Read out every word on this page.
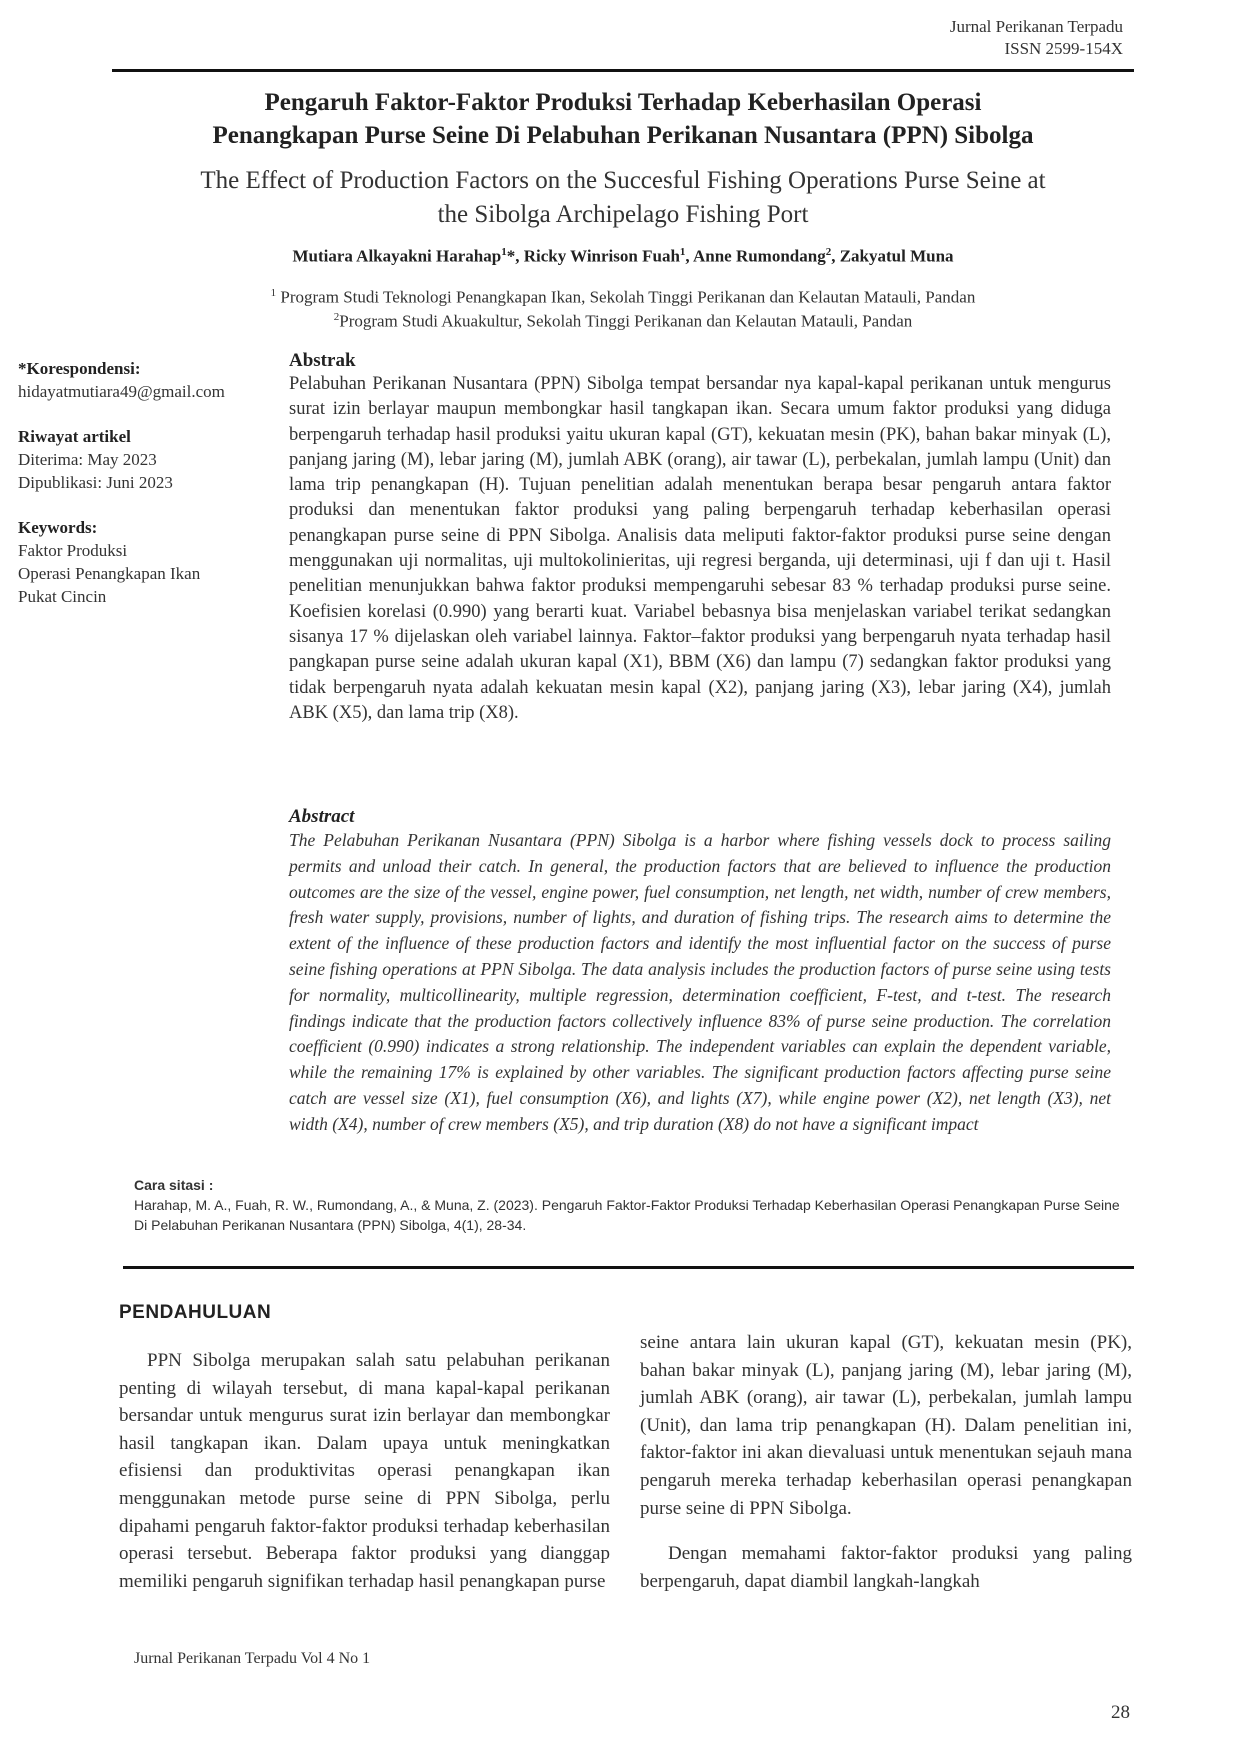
Jurnal Perikanan Terpadu
ISSN 2599-154X
Pengaruh Faktor-Faktor Produksi Terhadap Keberhasilan Operasi
Penangkapan Purse Seine Di Pelabuhan Perikanan Nusantara (PPN) Sibolga
The Effect of Production Factors on the Succesful Fishing Operations Purse Seine at
the Sibolga Archipelago Fishing Port
Mutiara Alkayakni Harahap$^1$*, Ricky Winrison Fuah$^1$, Anne Rumondang$^2$, Zakyatul Muna
$^1$ Program Studi Teknologi Penangkapan Ikan, Sekolah Tinggi Perikanan dan Kelautan Matauli, Pandan
$^2$Program Studi Akuakultur, Sekolah Tinggi Perikanan dan Kelautan Matauli, Pandan
*Korespondensi:
hidayatmutiara49@gmail.com
Riwayat artikel
Diterima: May 2023
Dipublikasi: Juni 2023
Keywords:
Faktor Produksi
Operasi Penangkapan Ikan
Pukat Cincin
Abstrak
Pelabuhan Perikanan Nusantara (PPN) Sibolga tempat bersandar nya kapal-kapal perikanan untuk mengurus surat izin berlayar maupun membongkar hasil tangkapan ikan. Secara umum faktor produksi yang diduga berpengaruh terhadap hasil produksi yaitu ukuran kapal (GT), kekuatan mesin (PK), bahan bakar minyak (L), panjang jaring (M), lebar jaring (M), jumlah ABK (orang), air tawar (L), perbekalan, jumlah lampu (Unit) dan lama trip penangkapan (H). Tujuan penelitian adalah menentukan berapa besar pengaruh antara faktor produksi dan menentukan faktor produksi yang paling berpengaruh terhadap keberhasilan operasi penangkapan purse seine di PPN Sibolga. Analisis data meliputi faktor-faktor produksi purse seine dengan menggunakan uji normalitas, uji multokolinieritas, uji regresi berganda, uji determinasi, uji f dan uji t. Hasil penelitian menunjukkan bahwa faktor produksi mempengaruhi sebesar 83 % terhadap produksi purse seine. Koefisien korelasi (0.990) yang berarti kuat. Variabel bebasnya bisa menjelaskan variabel terikat sedangkan sisanya 17 % dijelaskan oleh variabel lainnya. Faktor–faktor produksi yang berpengaruh nyata terhadap hasil pangkapan purse seine adalah ukuran kapal (X1), BBM (X6) dan lampu (7) sedangkan faktor produksi yang tidak berpengaruh nyata adalah kekuatan mesin kapal (X2), panjang jaring (X3), lebar jaring (X4), jumlah ABK (X5), dan lama trip (X8).
Abstract
The Pelabuhan Perikanan Nusantara (PPN) Sibolga is a harbor where fishing vessels dock to process sailing permits and unload their catch. In general, the production factors that are believed to influence the production outcomes are the size of the vessel, engine power, fuel consumption, net length, net width, number of crew members, fresh water supply, provisions, number of lights, and duration of fishing trips. The research aims to determine the extent of the influence of these production factors and identify the most influential factor on the success of purse seine fishing operations at PPN Sibolga. The data analysis includes the production factors of purse seine using tests for normality, multicollinearity, multiple regression, determination coefficient, F-test, and t-test. The research findings indicate that the production factors collectively influence 83% of purse seine production. The correlation coefficient (0.990) indicates a strong relationship. The independent variables can explain the dependent variable, while the remaining 17% is explained by other variables. The significant production factors affecting purse seine catch are vessel size (X1), fuel consumption (X6), and lights (X7), while engine power (X2), net length (X3), net width (X4), number of crew members (X5), and trip duration (X8) do not have a significant impact
Cara sitasi :
Harahap, M. A., Fuah, R. W., Rumondang, A., & Muna, Z. (2023). Pengaruh Faktor-Faktor Produksi Terhadap Keberhasilan Operasi Penangkapan Purse Seine Di Pelabuhan Perikanan Nusantara (PPN) Sibolga, 4(1), 28-34.
PENDAHULUAN

PPN Sibolga merupakan salah satu pelabuhan perikanan penting di wilayah tersebut, di mana kapal-kapal perikanan bersandar untuk mengurus surat izin berlayar dan membongkar hasil tangkapan ikan. Dalam upaya untuk meningkatkan efisiensi dan produktivitas operasi penangkapan ikan menggunakan metode purse seine di PPN Sibolga, perlu dipahami pengaruh faktor-faktor produksi terhadap keberhasilan operasi tersebut. Beberapa faktor produksi yang dianggap memiliki pengaruh signifikan terhadap hasil penangkapan purse

seine antara lain ukuran kapal (GT), kekuatan mesin (PK), bahan bakar minyak (L), panjang jaring (M), lebar jaring (M), jumlah ABK (orang), air tawar (L), perbekalan, jumlah lampu (Unit), dan lama trip penangkapan (H). Dalam penelitian ini, faktor-faktor ini akan dievaluasi untuk menentukan sejauh mana pengaruh mereka terhadap keberhasilan operasi penangkapan purse seine di PPN Sibolga.

Dengan memahami faktor-faktor produksi yang paling berpengaruh, dapat diambil langkah-langkah

Jurnal Perikanan Terpadu Vol 4 No 1
28
